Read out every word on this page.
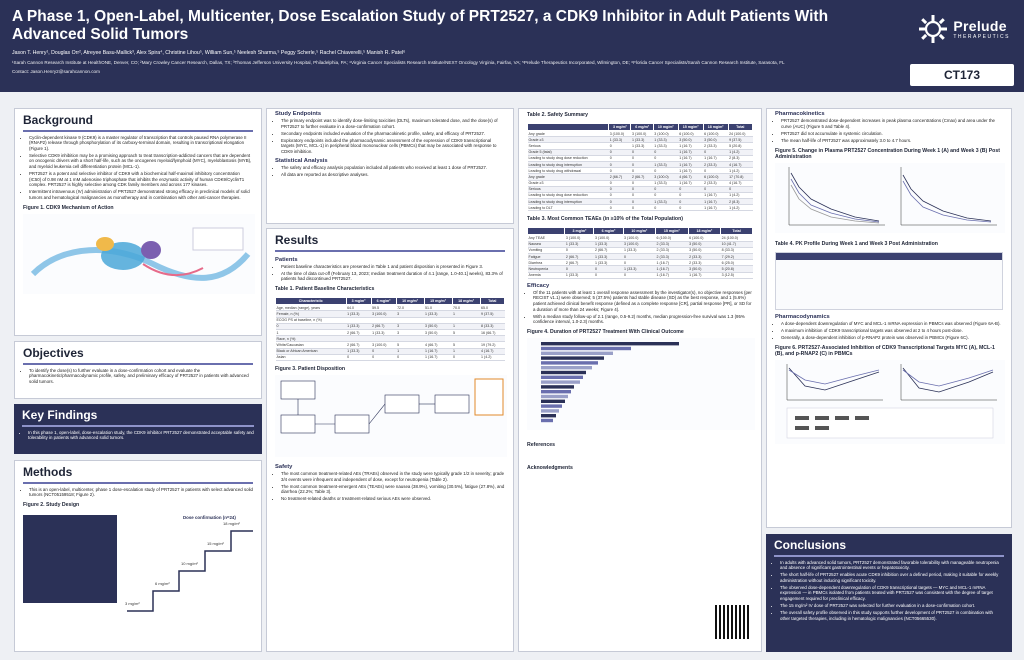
A Phase 1, Open-Label, Multicenter, Dose Escalation Study of PRT2527, a CDK9 Inhibitor in Adult Patients With Advanced Solid Tumors
Jason T. Henry¹, Douglas Orr², Atreyee Basu-Mallick³, Alex Spira⁴, Christine Lihou⁵, William Sun,⁵ Neelesh Sharma,⁵ Peggy Scherle,⁵ Rachel Chiaverelli,⁵ Manish R. Patel⁶
¹Sarah Cannon Research Institute at HealthONE, Denver, CO; ²Mary Crowley Cancer Research, Dallas, TX; ³Thomas Jefferson University Hospital, Philadelphia, PA; ⁴Virginia Cancer Specialists Research Institute/NEXT Oncology Virginia, Fairfax, VA; ⁵Prelude Therapeutics Incorporated, Wilmington, DE; ⁶Florida Cancer Specialists/Sarah Cannon Research Institute, Sarasota, FL
Contact: Jason.Henry2@sarahcannon.com
Prelude
THERAPEUTICS
CT173
Background
• Cyclin-dependent kinase 9 (CDK9) is a master regulator of transcription that controls paused RNA polymerase II (RNAP2) release through phosphorylation of its carboxy-terminal domain, resulting in transcriptional elongation (Figure 1).
• Selective CDK9 inhibition may be a promising approach to treat transcription-addicted cancers that are dependent on oncogenic drivers with a short half-life, such as the oncogenes myeloid/lymphoid (MYC), myeloblastosis (MYB), and myeloid leukemia cell differentiation protein (MCL-1).
• PRT2527 is a potent and selective inhibitor of CDK9 with a biochemical half-maximal inhibitory concentration (IC50) of 0.98 nM at 1 mM adenosine triphosphate that inhibits the enzymatic activity of human CDK9/CyclinT1 complex. PRT2527 is highly selective among CDK family members and across 177 kinases.
• Intermittent intravenous (IV) administration of PRT2527 demonstrated strong efficacy in preclinical models of solid tumors and hematological malignancies as monotherapy and in combination with other anti-cancer therapies.
Figure 1. CDK9 Mechanism of Action
Objectives
• To identify the dose(s) to further evaluate in a dose-confirmation cohort and evaluate the pharmacokinetic/pharmacodynamic profile, safety, and preliminary efficacy of PRT2527 in patients with advanced solid tumors.
Key Findings
• In this phase 1, open-label, dose-escalation study, the CDK9 inhibitor PRT2527 demonstrated acceptable safety and tolerability in patients with advanced solid tumors.
Methods
• This is an open-label, multicenter, phase 1 dose-escalation study of PRT2527 in patients with select advanced solid tumors (NCT05159518; Figure 2).
Figure 2. Study Design
3 mg/m²
6 mg/m²
10 mg/m²
15 mg/m²
18 mg/m²
Dose confirmation (n=24)
Study Endpoints
• The primary endpoint was to identify dose-limiting toxicities (DLTs), maximum tolerated dose, and the dose(s) of PRT2527 to further evaluate in a dose-confirmation cohort.
• Secondary endpoints included evaluation of the pharmacokinetic profile, safety, and efficacy of PRT2527.
• Exploratory endpoints included the pharmacodynamic assessment of the expression of CDK9 transcriptional targets (MYC, MCL-1) in peripheral blood mononuclear cells (PBMCs) that may be associated with response to CDK9 inhibition.
Statistical Analysis
• The safety and efficacy analysis population included all patients who received at least 1 dose of PRT2527.
• All data are reported as descriptive analyses.
Results
Patients
• Patient baseline characteristics are presented in Table 1 and patient disposition is presented in Figure 3.
• At the time of data cut-off (February 13, 2023; median treatment duration of 4.1 [range, 1.0-40.1] weeks), 83.3% of patients had discontinued PRT2527.
Table 1. Patient Baseline Characteristics
Characteristic	3 mg/m²	6 mg/m²	10 mg/m²	15 mg/m²	18 mg/m²	Total
Age, median (range), years	64.0	59.5	72.0	51.0	70.0	65.0
Female, n (%)	1 (33.3)	3 (100.0)	3	1 (33.3)	1	9 (37.5)
ECOG PS at baseline, n (%)						
0	1 (33.3)	2 (66.7)	3	3 (50.0)	1	8 (33.3)
1	2 (66.7)	1 (33.3)	3	3 (50.0)	5	16 (66.7)
Race, n (%)						
White/Caucasian	2 (66.7)	3 (100.0)	5	4 (66.7)	5	19 (79.2)
Black or African American	1 (33.3)	0	1	1 (16.7)	1	4 (16.7)
Asian	0	0	0	1 (16.7)	0	1 (4.2)
Figure 3. Patient Disposition
Safety
• The most common treatment-related AEs (TRAEs) observed in the study were typically grade 1/2 in severity; grade 3/4 events were infrequent and independent of dose, except for neutropenia (Table 2).
• The most common treatment-emergent AEs (TEAEs) were nausea (38.9%), vomiting (30.5%), fatigue (27.8%), and diarrhea (22.2%; Table 3).
• No treatment-related deaths or treatment-related serious AEs were observed.
Table 2. Safety Summary
	3 mg/m²	6 mg/m²	10 mg/m²	15 mg/m²	18 mg/m²	Total
Any grade	3 (100.0)	3 (100.0)	3 (100.0)	6 (100.0)	6 (100.0)	24 (100.0)
Grade ≥3	1 (33.3)	1 (33.3)	1 (33.3)	3 (50.0)	3 (50.0)	9 (37.5)
Serious	0	1 (33.3)	1 (33.3)	1 (16.7)	2 (33.3)	5 (20.8)
Grade 5 (fatal)	0	0	0	1 (16.7)	0	1 (4.2)
Leading to study drug dose reduction	0	0	0	1 (16.7)	1 (16.7)	2 (8.3)
Leading to study drug interruption	0	0	1 (33.3)	1 (16.7)	2 (33.3)	4 (16.7)
Leading to study drug withdrawal	0	0	0	1 (16.7)	0	1 (4.2)
Any grade	2 (66.7)	2 (66.7)	3 (100.0)	4 (66.7)	6 (100.0)	17 (70.8)
Grade ≥3	0	0	1 (33.3)	1 (16.7)	2 (33.3)	4 (16.7)
Serious	0	0	0	0	0	0
Leading to study drug dose reduction	0	0	0	0	1 (16.7)	1 (4.2)
Leading to study drug interruption	0	0	1 (33.3)	0	1 (16.7)	2 (8.3)
Leading to DLT	0	0	0	0	1 (16.7)	1 (4.2)
Table 3. Most Common TEAEs (in ≥10% of the Total Population)
	3 mg/m²	6 mg/m²	10 mg/m²	15 mg/m²	18 mg/m²	Total
Any TEAE	3 (100.0)	3 (100.0)	3 (100.0)	6 (100.0)	6 (100.0)	24 (100.0)
Nausea	1 (33.3)	1 (33.3)	3 (100.0)	2 (33.3)	3 (50.0)	10 (41.7)
Vomiting	0	2 (66.7)	1 (33.3)	2 (33.3)	3 (50.0)	8 (33.3)
Fatigue	2 (66.7)	1 (33.3)	0	2 (33.3)	2 (33.3)	7 (29.2)
Diarrhea	2 (66.7)	1 (33.3)	0	1 (16.7)	2 (33.3)	6 (25.0)
Neutropenia	0	0	1 (33.3)	1 (16.7)	3 (50.0)	5 (20.8)
Anemia	1 (33.3)	0	0	1 (16.7)	1 (16.7)	3 (12.5)
Efficacy
• Of the 11 patients with at least 1 overall response assessment by the investigator(s), no objective responses (per RECIST v1.1) were observed; 5 (37.5%) patients had stable disease (SD) as the best response, and 1 (5.6%) patient achieved clinical benefit response (defined as a complete response [CR], partial response [PR], or SD for a duration of more than 24 weeks; Figure 4).
• With a median study follow-up of 2.1 (range, 0.5-9.2) months, median progression-free survival was 1.3 (95% confidence interval, 1.0-2.3) months.
Figure 4. Duration of PRT2527 Treatment With Clinical Outcome
References
Acknowledgments
Pharmacokinetics
• PRT2527 demonstrated dose-dependent increases in peak plasma concentrations (Cmax) and area under the curve (AUC) (Figure 5 and Table 4).
• PRT2527 did not accumulate in systemic circulation.
• The mean half-life of PRT2527 was approximately 3.0 to 4.7 hours.
Figure 5. Change in Plasma PRT2527 Concentration During Week 1 (A) and Week 3 (B) Post Administration
Table 4. PK Profile During Week 1 and Week 3 Post Administration
Pharmacodynamics
• A dose-dependent downregulation of MYC and MCL-1 mRNA expression in PBMCs was observed (Figure 6A-B).
• A maximum inhibition of CDK9 transcriptional targets was observed at 2 to 4 hours post-dose.
• Generally, a dose-dependent inhibition of p-RNAP2 protein was observed in PBMCs (Figure 6C).
Figure 6. PRT2527-Associated Inhibition of CDK9 Transcriptional Targets MYC (A), MCL-1 (B), and p-RNAP2 (C) in PBMCs
Conclusions
• In adults with advanced solid tumors, PRT2527 demonstrated favorable tolerability with manageable neutropenia and absence of significant gastrointestinal events or hepatotoxicity.
• The short half-life of PRT2527 enables acute CDK9 inhibition over a defined period, making it suitable for weekly administration without inducing significant toxicity.
• The observed dose-dependent downregulation of CDK9 transcriptional targets — MYC and MCL-1 mRNA expression — in PBMCs isolated from patients treated with PRT2527 was consistent with the degree of target engagement required for preclinical efficacy.
• The 15 mg/m² IV dose of PRT2527 was selected for further evaluation in a dose-confirmation cohort.
• The overall safety profile observed in this study supports further development of PRT2527 in combination with other targeted therapies, including in hematologic malignancies (NCT05665530).
